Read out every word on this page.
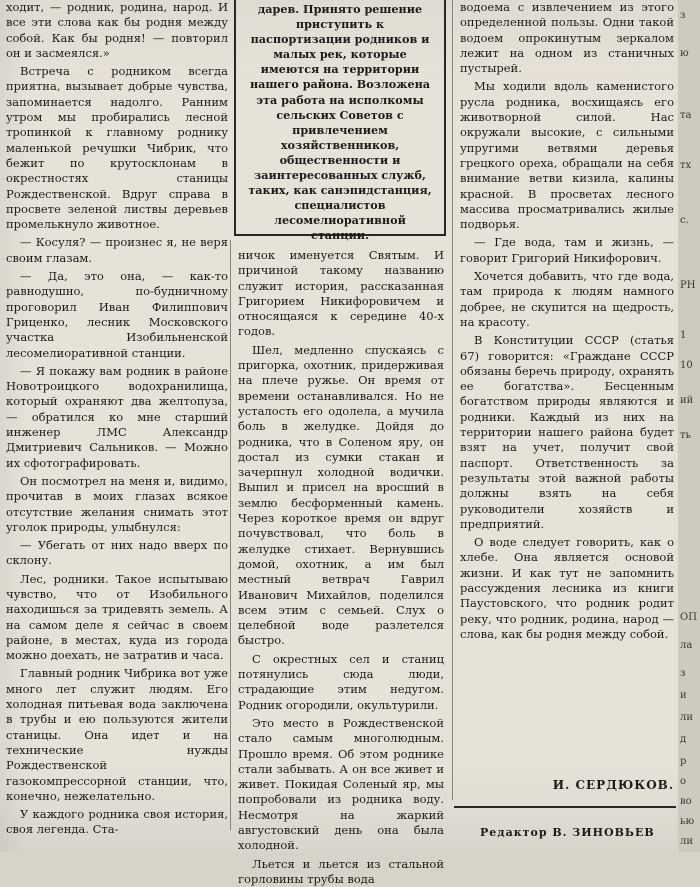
ходит, — родник, родина, народ. И все эти слова как бы родня между собой. Как бы родня! — повторил он и засмеялся.»

Встреча с родником всегда приятна, вызывает добрые чувства, запоминается надолго. Ранним утром мы пробирались лесной тропинкой к главному роднику маленькой речушки Чибрик, что бежит по крутосклонам в окрестностях станицы Рождественской. Вдруг справа в просвете зеленой листвы деревьев промелькнуло животное.

— Косуля? — произнес я, не веря своим глазам.

— Да, это она, — как-то равнодушно, по-будничному проговорил Иван Филиппович Гриценко, лесник Московского участка Изобильненской лесомелиоративной станции.

— Я покажу вам родник в районе Новотроицкого водохранилища, который охраняют два желтопуза, — обратился ко мне старший инженер ЛМС Александр Дмитриевич Сальников. — Можно их сфотографировать.

Он посмотрел на меня и, видимо, прочитав в моих глазах всякое отсутствие желания снимать этот уголок природы, улыбнулся:

— Убегать от них надо вверх по склону.

Лес, родники. Такое испытываю чувство, что от Изобильного находишься за тридевять земель. А на самом деле я сейчас в своем районе, в местах, куда из города можно доехать, не затратив и часа.

Главный родник Чибрика вот уже много лет служит людям. Его холодная питьевая вода заключена в трубы и ею пользуются жители станицы. Она идет и на технические нужды Рождественской газокомпрессорной станции, что, конечно, нежелательно.

У каждого родника своя история, своя легенда. Ста-

дарев. Принято решение приступить к паспортизации родников и малых рек, которые имеются на территории нашего района. Возложена эта работа на исполкомы сельских Советов с привлечением хозяйственников, общественности и заинтересованных служб, таких, как санэпидстанция, специалистов лесомелиоративной станции.

ничок именуется Святым. И причиной такому названию служит история, рассказанная Григорием Никифоровичем и относящаяся к середине 40-х годов.

Шел, медленно спускаясь с пригорка, охотник, придерживая на плече ружье. Он время от времени останавливался. Но не усталость его одолела, а мучила боль в желудке. Дойдя до родника, что в Соленом яру, он достал из сумки стакан и зачерпнул холодной водички. Выпил и присел на вросший в землю бесформенный камень. Через короткое время он вдруг почувствовал, что боль в желудке стихает. Вернувшись домой, охотник, а им был местный ветврач Гаврил Иванович Михайлов, поделился всем этим с семьей. Слух о целебной воде разлетелся быстро.

С окрестных сел и станиц потянулись сюда люди, страдающие этим недугом. Родник огородили, окультурили.

Это место в Рождественской стало самым многолюдным. Прошло время. Об этом роднике стали забывать. А он все живет и живет. Покидая Соленый яр, мы попробовали из родника воду. Несмотря на жаркий августовский день она была холодной.

Льется и льется из стальной горловины трубы вода

водоема с извлечением из этого определенной пользы. Одни такой водоем опрокинутым зеркалом лежит на одном из станичных пустырей.

Мы ходили вдоль каменистого русла родника, восхищаясь его животворной силой. Нас окружали высокие, с сильными упругими ветвями деревья грецкого ореха, обращали на себя внимание ветви кизила, калины красной. В просветах лесного массива просматривались жилые подворья.

— Где вода, там и жизнь, — говорит Григорий Никифорович.

Хочется добавить, что где вода, там природа к людям намного добрее, не скупится на щедрость, на красоту.

В Конституции СССР (статья 67) говорится: «Граждане СССР обязаны беречь природу, охранять ее богатства». Бесценным богатством природы являются и родники. Каждый из них на территории нашего района будет взят на учет, получит свой паспорт. Ответственность за результаты этой важной работы должны взять на себя руководители хозяйств и предприятий.

О воде следует говорить, как о хлебе. Она является основой жизни. И как тут не запомнить рассуждения лесника из книги Паустовского, что родник родит реку, что родник, родина, народ — слова, как бы родня между собой.

И. СЕРДЮКОВ.
Редактор В. ЗИНОВЬЕВ
з
ю
та
тх
с.
РН
1
10
ий
ть
ОП
ла
з
и
ли
д
р
о
во
ью
ли
